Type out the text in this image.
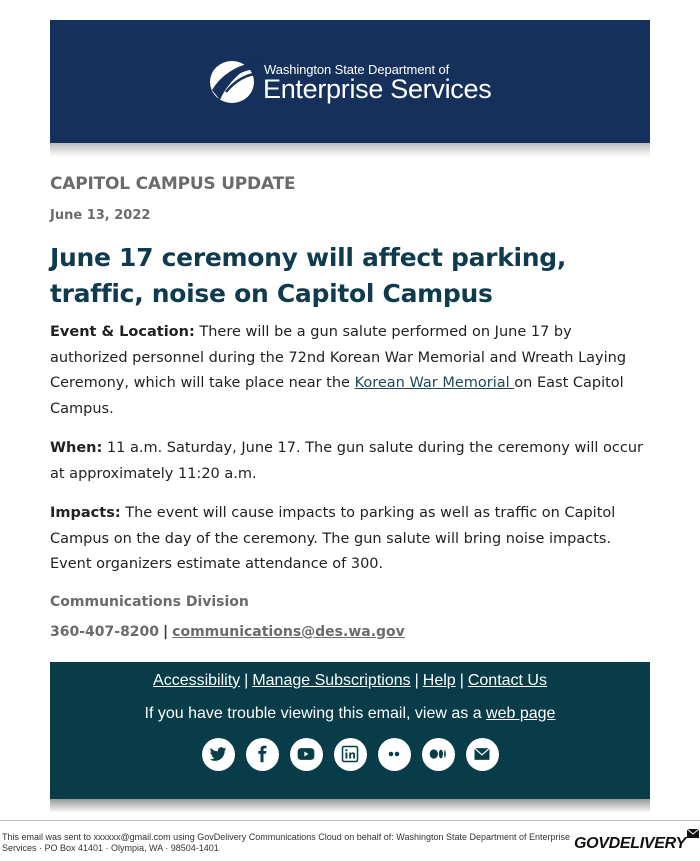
Washington State Department of
Enterprise Services
CAPITOL CAMPUS UPDATE
June 13, 2022
June 17 ceremony will affect parking, traffic, noise on Capitol Campus

Event & Location: There will be a gun salute performed on June 17 by authorized personnel during the 72nd Korean War Memorial and Wreath Laying Ceremony, which will take place near the Korean War Memorial on East Capitol Campus.

When: 11 a.m. Saturday, June 17. The gun salute during the ceremony will occur at approximately 11:20 a.m.

Impacts: The event will cause impacts to parking as well as traffic on Capitol Campus on the day of the ceremony. The gun salute will bring noise impacts. Event organizers estimate attendance of 300.

Communications Division
360-407-8200 | communications@des.wa.gov
Accessibility | Manage Subscriptions | Help | Contact Us
If you have trouble viewing this email, view as a web page
This email was sent to xxxxxx@gmail.com using GovDelivery Communications Cloud on behalf of: Washington State Department of Enterprise Services · PO Box 41401 · Olympia, WA · 98504-1401	GOVDELIVERY
